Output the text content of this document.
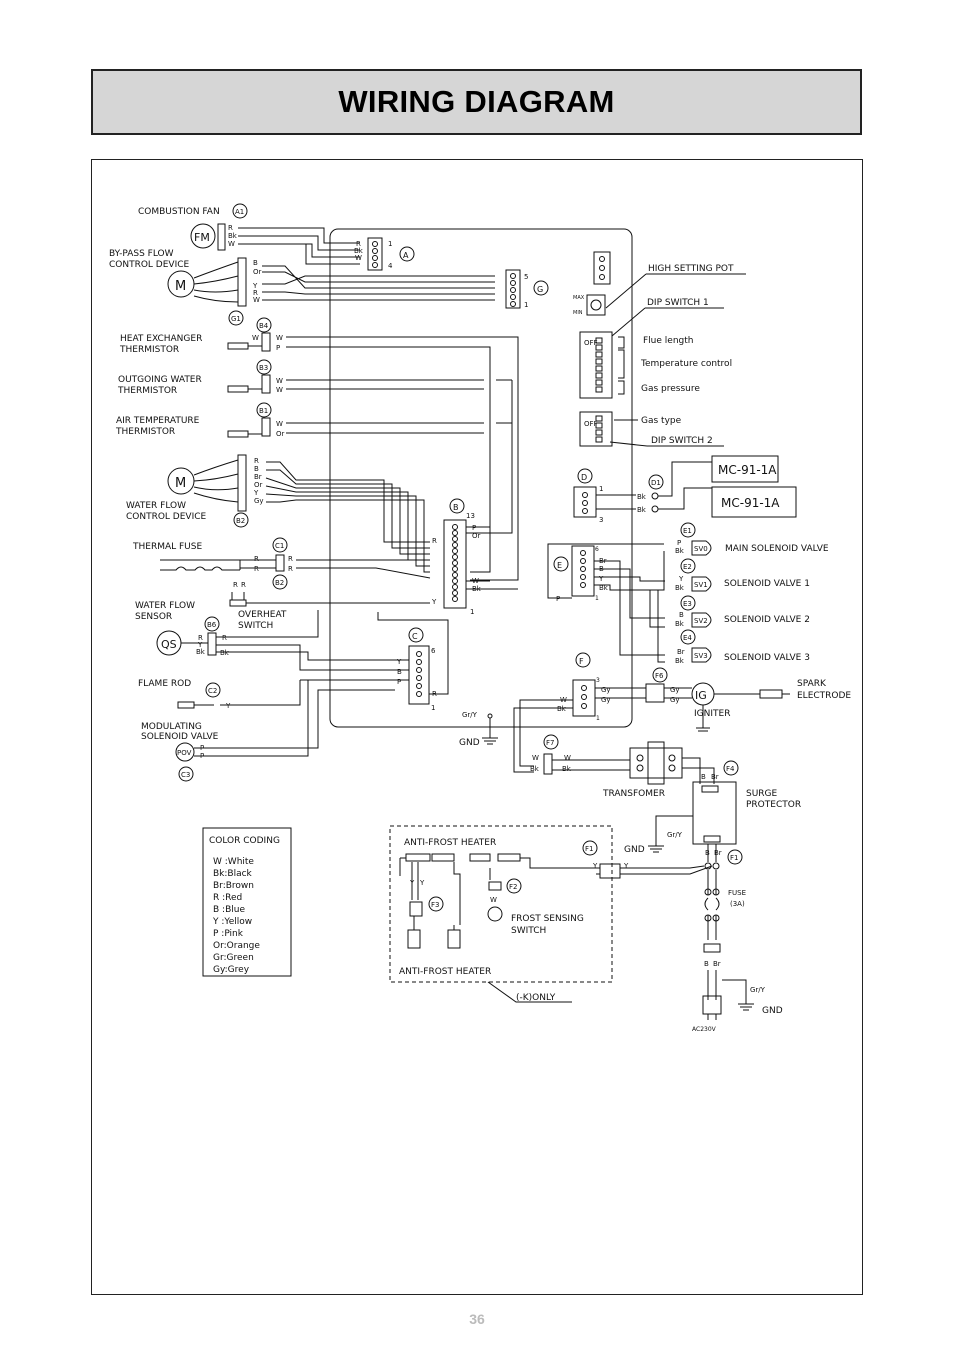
WIRING DIAGRAM
COMBUSTION FAN A1
FM
R
Bk
W	R
Bk
W
1
4
A
BY-PASS FLOW
CONTROL DEVICE
M
B
Or
Y
R
W
G1
5
1
G
B4
HEAT EXCHANGER
THERMISTOR
W W
P
B3
OUTGOING WATER
THERMISTOR
W
W
B1
AIR TEMPERATURE
THERMISTOR
W
Or
M
R
B
Br
Or
Y
Gy
WATER FLOW
CONTROL DEVICE	B2
B
13
1
P
Or
W
Bk
R
Y
THERMAL FUSE	C1
R
R
R
R
B2
R R
OVERHEAT
SWITCH
WATER FLOW
SENSOR
QS
B6
R
Y
Bk
R
Bk
C
6
1
Y
B
P
R
FLAME ROD
C2
Y
MODULATING
SOLENOID VALVE
POV
C3
P
P
Gr/Y
GND
HIGH SETTING POT
MAX
MIN
DIP SWITCH 1
OFF	Flue length
Temperature control
Gas pressure
OFF	Gas type
DIP SWITCH 2
D
1
3
D1
Bk
Bk
MC-91-1A
MC-91-1A
E
6
1
Br
B
Y
Bk
P
E1
P
Bk SV0 MAIN SOLENOID VALVE
E2
Y
Bk SV1 SOLENOID VALVE 1
E3
B
Bk SV2 SOLENOID VALVE 2
E4
Br
Bk
SV3 SOLENOID VALVE 3
F
3
1
W
Bk
Gy
Gy
F6
Gy
Gy IG
IGNITER
SPARK
ELECTRODE
F7
W
Bk
W
Bk
TRANSFOMER
F4
B Br
SURGE
PROTECTOR
Gr/Y
GND
F1
B Br
FUSE
(3A)
B Br
Gr/Y
GND
AC230V
ANTI-FROST HEATER
Y Y
F3
F2
W
FROST SENSING
SWITCH
ANTI-FROST HEATER
F1
Y	Y
(-K)ONLY
COLOR CODING
W :White
Bk:Black
Br:Brown
R :Red
B :Blue
Y :Yellow
P :Pink
Or:Orange
Gr:Green
Gy:Grey
36
